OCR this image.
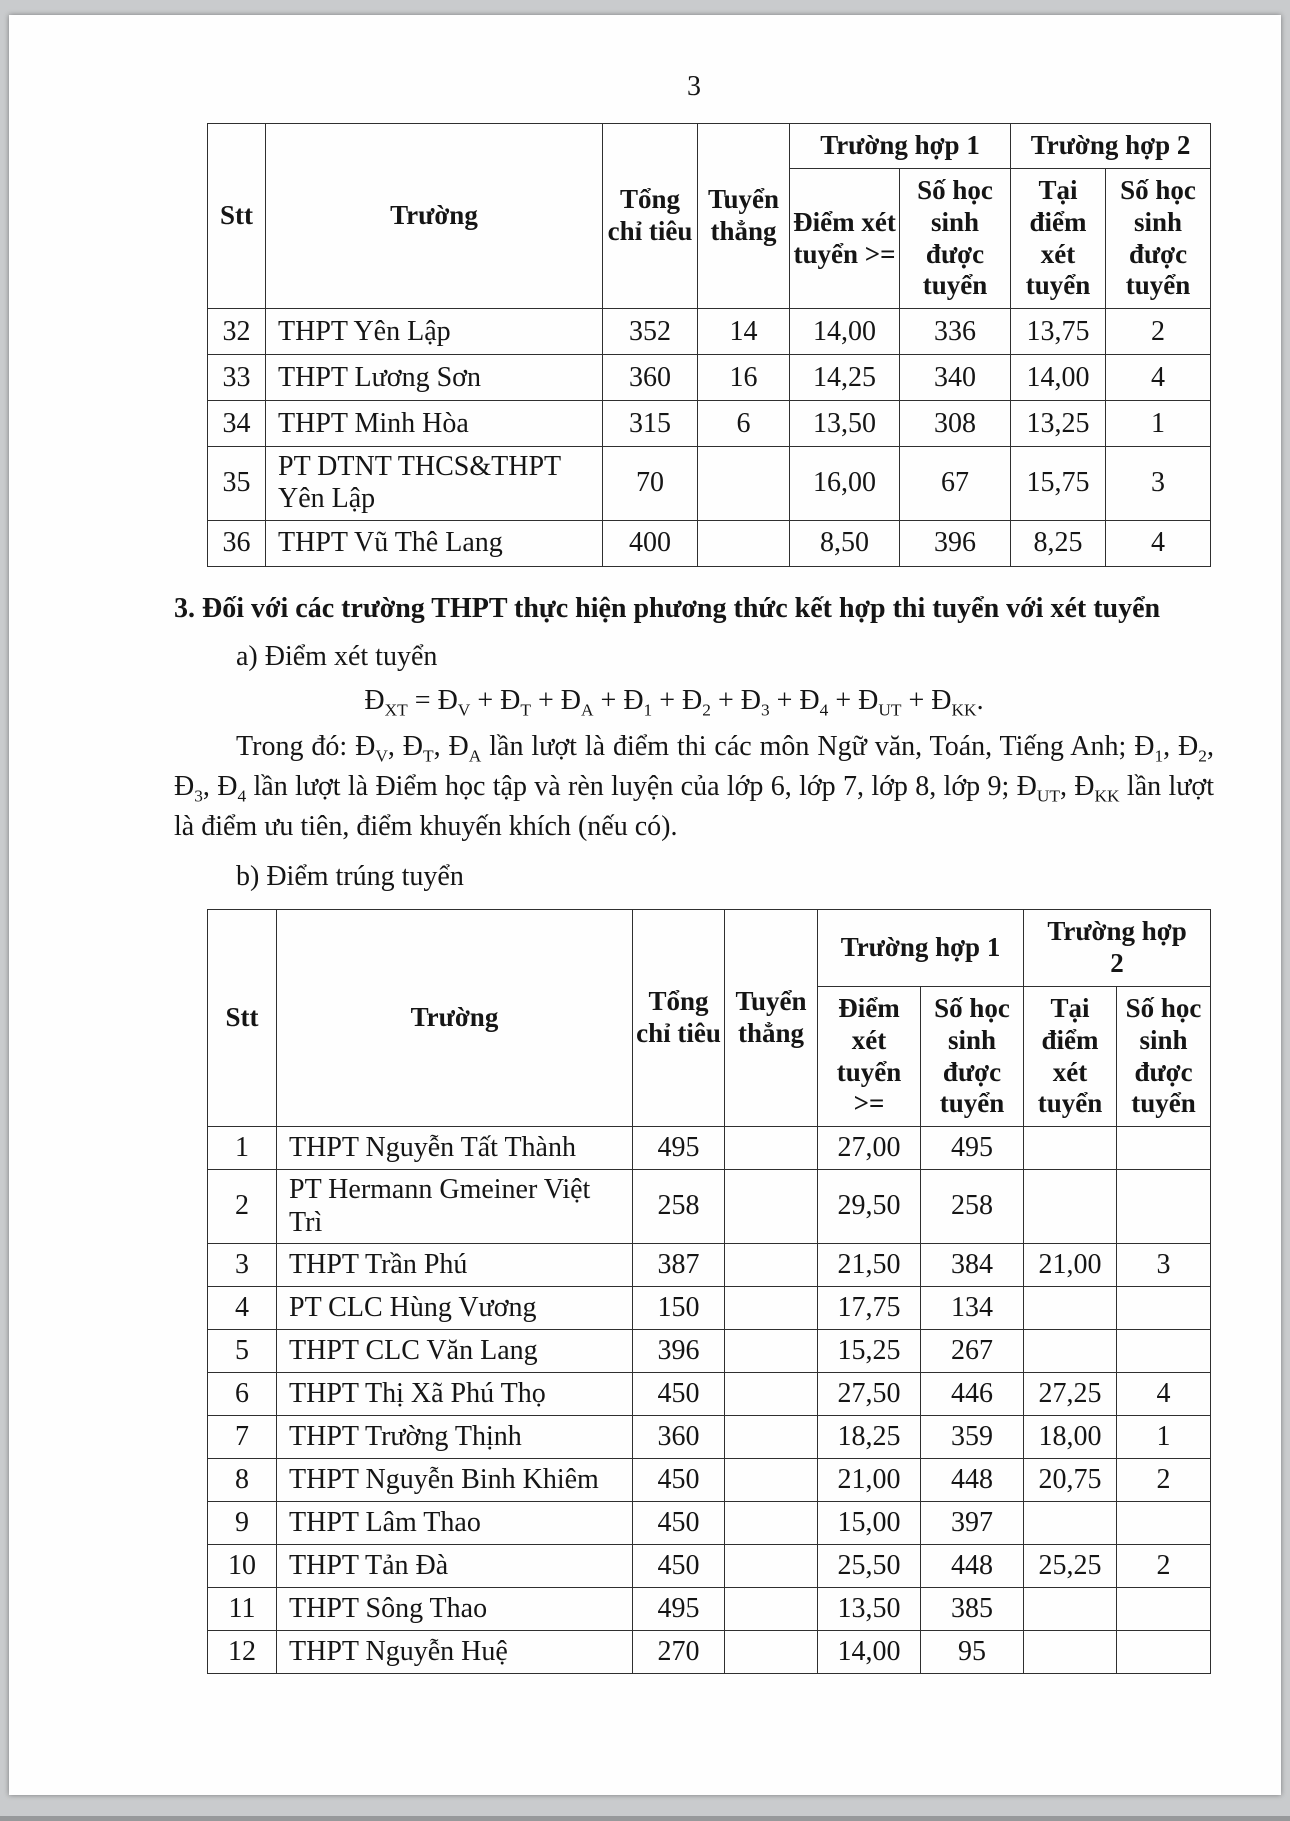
3
Stt	Trường	Tổng chỉ tiêu	Tuyển thẳng	Trường hợp 1		Trường hợp 2	
				Điểm xét tuyển >=	Số học sinh được tuyển	Tại điểm xét tuyển	Số học sinh được tuyển
32	THPT Yên Lập	352	14	14,00	336	13,75	2
33	THPT Lương Sơn	360	16	14,25	340	14,00	4
34	THPT Minh Hòa	315	6	13,50	308	13,25	1
35	PT DTNT THCS&THPT Yên Lập	70		16,00	67	15,75	3
36	THPT Vũ Thê Lang	400		8,50	396	8,25	4
3. Đối với các trường THPT thực hiện phương thức kết hợp thi tuyển với xét tuyển
a) Điểm xét tuyển
$Đ_{XT}$ = $Đ_V$ + $Đ_T$ + $Đ_A$ + $Đ_1$ + $Đ_2$ + $Đ_3$ + $Đ_4$ + $Đ_{UT}$ + $Đ_{KK}$.
Trong đó: $Đ_V$, $Đ_T$, $Đ_A$ lần lượt là điểm thi các môn Ngữ văn, Toán, Tiếng Anh; $Đ_1$, $Đ_2$, $Đ_3$, $Đ_4$ lần lượt là Điểm học tập và rèn luyện của lớp 6, lớp 7, lớp 8, lớp 9; $Đ_{UT}$, $Đ_{KK}$ lần lượt là điểm ưu tiên, điểm khuyến khích (nếu có).
b) Điểm trúng tuyển
Stt	Trường	Tổng chỉ tiêu	Tuyển thẳng	Trường hợp 1		Trường hợp 2	
				Điểm xét tuyển >=	Số học sinh được tuyển	Tại điểm xét tuyển	Số học sinh được tuyển
1	THPT Nguyễn Tất Thành	495		27,00	495		
2	PT Hermann Gmeiner Việt Trì	258		29,50	258		
3	THPT Trần Phú	387		21,50	384	21,00	3
4	PT CLC Hùng Vương	150		17,75	134		
5	THPT CLC Văn Lang	396		15,25	267		
6	THPT Thị Xã Phú Thọ	450		27,50	446	27,25	4
7	THPT Trường Thịnh	360		18,25	359	18,00	1
8	THPT Nguyễn Binh Khiêm	450		21,00	448	20,75	2
9	THPT Lâm Thao	450		15,00	397		
10	THPT Tản Đà	450		25,50	448	25,25	2
11	THPT Sông Thao	495		13,50	385		
12	THPT Nguyễn Huệ	270		14,00	95		
